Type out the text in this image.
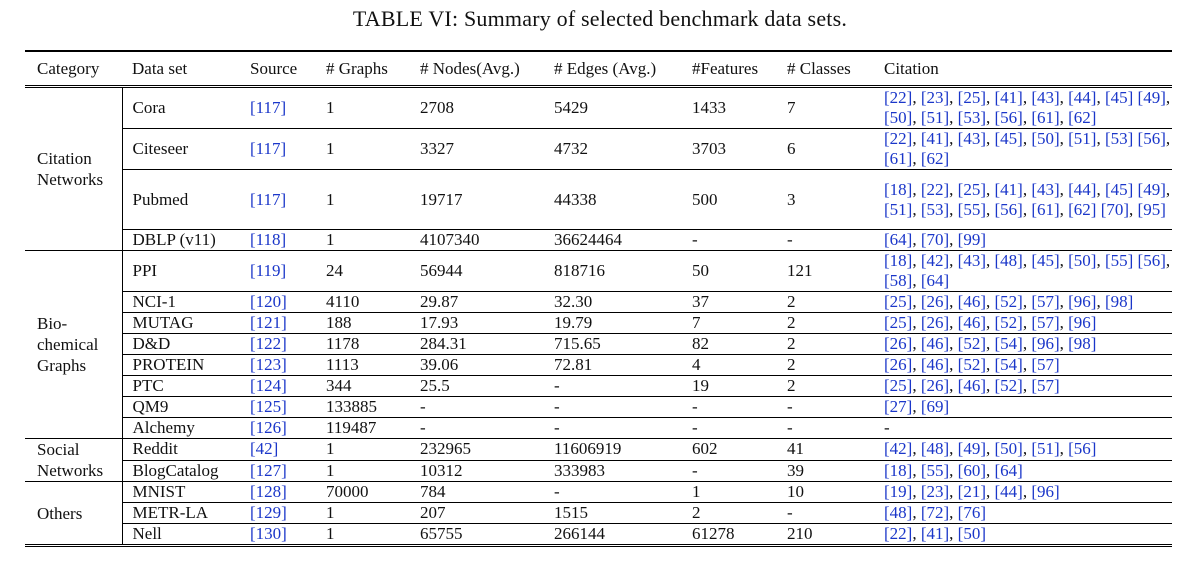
TABLE VI: Summary of selected benchmark data sets.
Category	Data set	Source	# Graphs	# Nodes(Avg.)	# Edges (Avg.)	#Features	# Classes	Citation
Citation Networks	Cora	[117]	1	2708	5429	1433	7	[22], [23], [25], [41], [43], [44], [45] [49], [50], [51], [53], [56], [61], [62]
	Citeseer	[117]	1	3327	4732	3703	6	[22], [41], [43], [45], [50], [51], [53] [56], [61], [62]
	Pubmed	[117]	1	19717	44338	500	3	[18], [22], [25], [41], [43], [44], [45] [49], [51], [53], [55], [56], [61], [62] [70], [95]
	DBLP (v11)	[118]	1	4107340	36624464	-	-	[64], [70], [99]
Bio- chemical Graphs	PPI	[119]	24	56944	818716	50	121	[18], [42], [43], [48], [45], [50], [55] [56], [58], [64]
	NCI-1	[120]	4110	29.87	32.30	37	2	[25], [26], [46], [52], [57], [96], [98]
	MUTAG	[121]	188	17.93	19.79	7	2	[25], [26], [46], [52], [57], [96]
	D&D	[122]	1178	284.31	715.65	82	2	[26], [46], [52], [54], [96], [98]
	PROTEIN	[123]	1113	39.06	72.81	4	2	[26], [46], [52], [54], [57]
	PTC	[124]	344	25.5	-	19	2	[25], [26], [46], [52], [57]
	QM9	[125]	133885	-	-	-	-	[27], [69]
	Alchemy	[126]	119487	-	-	-	-	-
Social Networks	Reddit	[42]	1	232965	11606919	602	41	[42], [48], [49], [50], [51], [56]
	BlogCatalog	[127]	1	10312	333983	-	39	[18], [55], [60], [64]
Others	MNIST	[128]	70000	784	-	1	10	[19], [23], [21], [44], [96]
	METR-LA	[129]	1	207	1515	2	-	[48], [72], [76]
	Nell	[130]	1	65755	266144	61278	210	[22], [41], [50]
